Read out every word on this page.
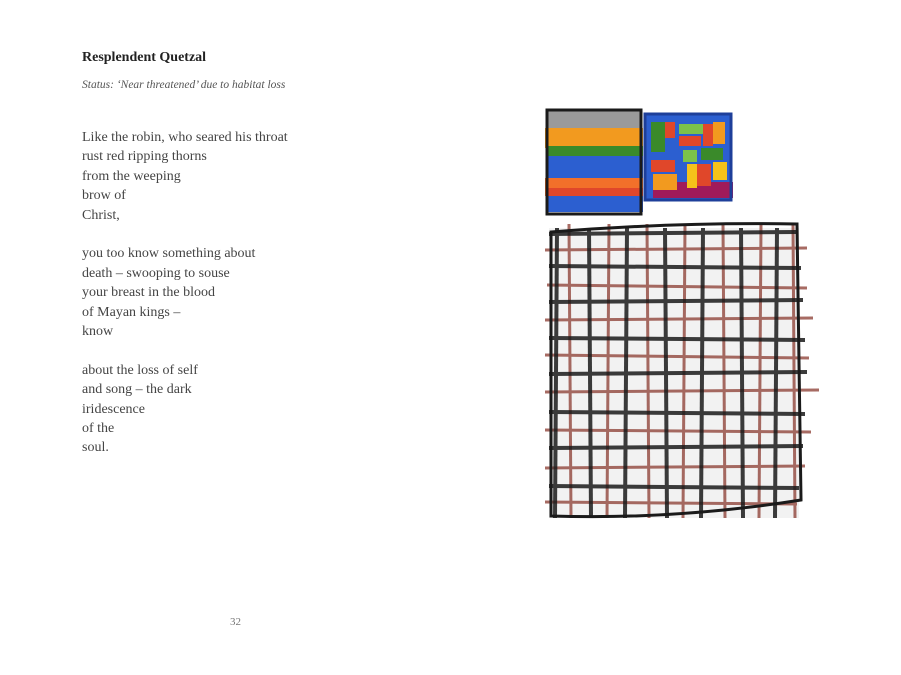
Resplendent Quetzal
Status: ‘Near threatened’ due to habitat loss
Like the robin, who seared his throat
rust red ripping thorns
from the weeping
brow of
Christ,
you too know something about
death – swooping to souse
your breast in the blood
of Mayan kings –
know
about the loss of self
and song – the dark
iridescence
of the
soul.
32
